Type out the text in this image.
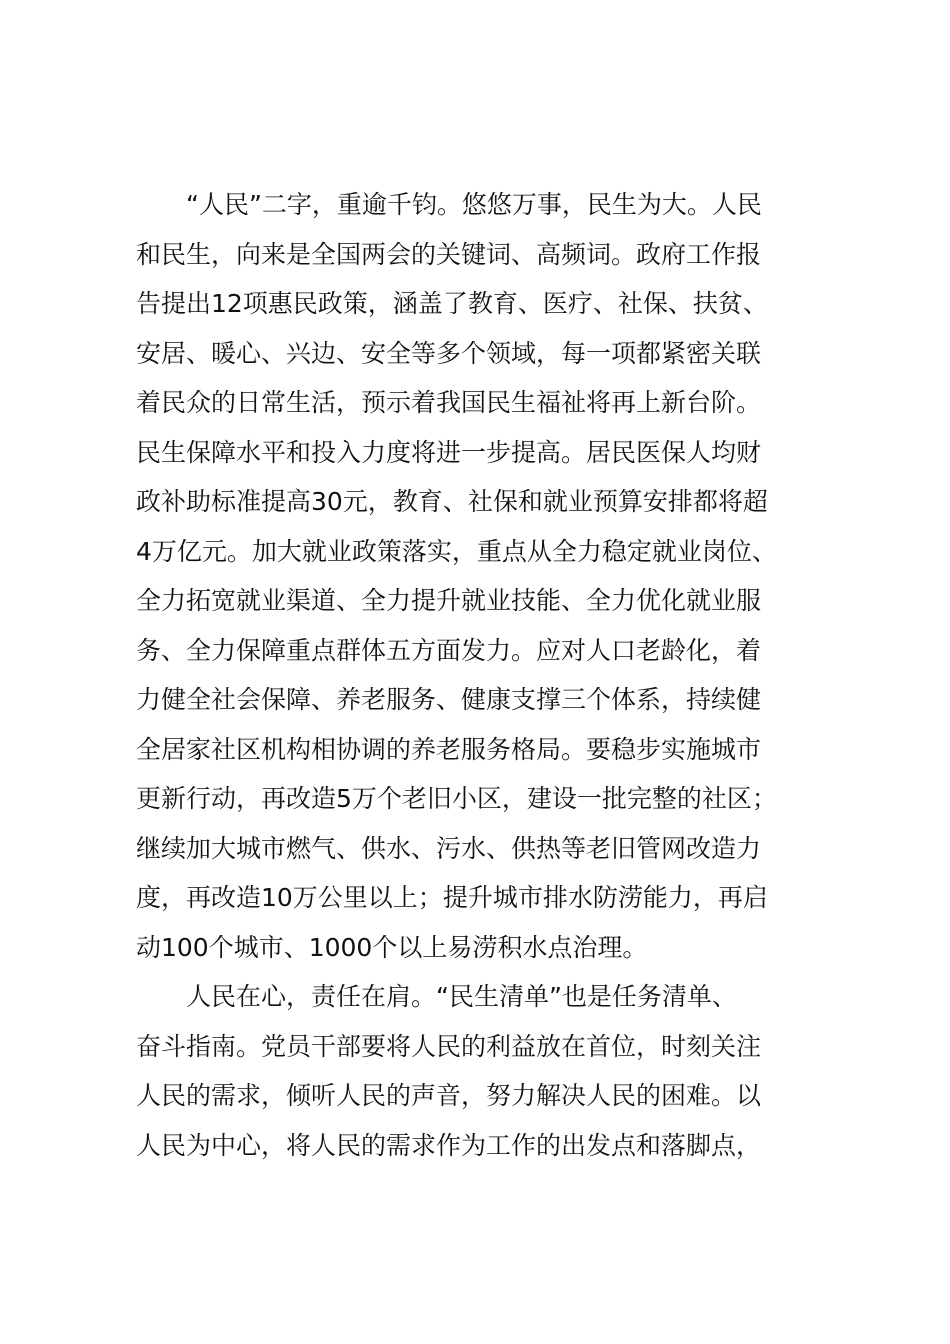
“人民”二字，重逾千钧。悠悠万事，民生为大。人民
和民生，向来是全国两会的关键词、高频词。政府工作报
告提出12项惠民政策，涵盖了教育、医疗、社保、扶贫、
安居、暖心、兴边、安全等多个领域，每一项都紧密关联
着民众的日常生活，预示着我国民生福祉将再上新台阶。
民生保障水平和投入力度将进一步提高。居民医保人均财
政补助标准提高30元，教育、社保和就业预算安排都将超
4万亿元。加大就业政策落实，重点从全力稳定就业岗位、
全力拓宽就业渠道、全力提升就业技能、全力优化就业服
务、全力保障重点群体五方面发力。应对人口老龄化，着
力健全社会保障、养老服务、健康支撑三个体系，持续健
全居家社区机构相协调的养老服务格局。要稳步实施城市
更新行动，再改造5万个老旧小区，建设一批完整的社区；
继续加大城市燃气、供水、污水、供热等老旧管网改造力
度，再改造10万公里以上；提升城市排水防涝能力，再启
动100个城市、1000个以上易涝积水点治理。
人民在心，责任在肩。“民生清单”也是任务清单、
奋斗指南。党员干部要将人民的利益放在首位，时刻关注
人民的需求，倾听人民的声音，努力解决人民的困难。以
人民为中心，将人民的需求作为工作的出发点和落脚点，
